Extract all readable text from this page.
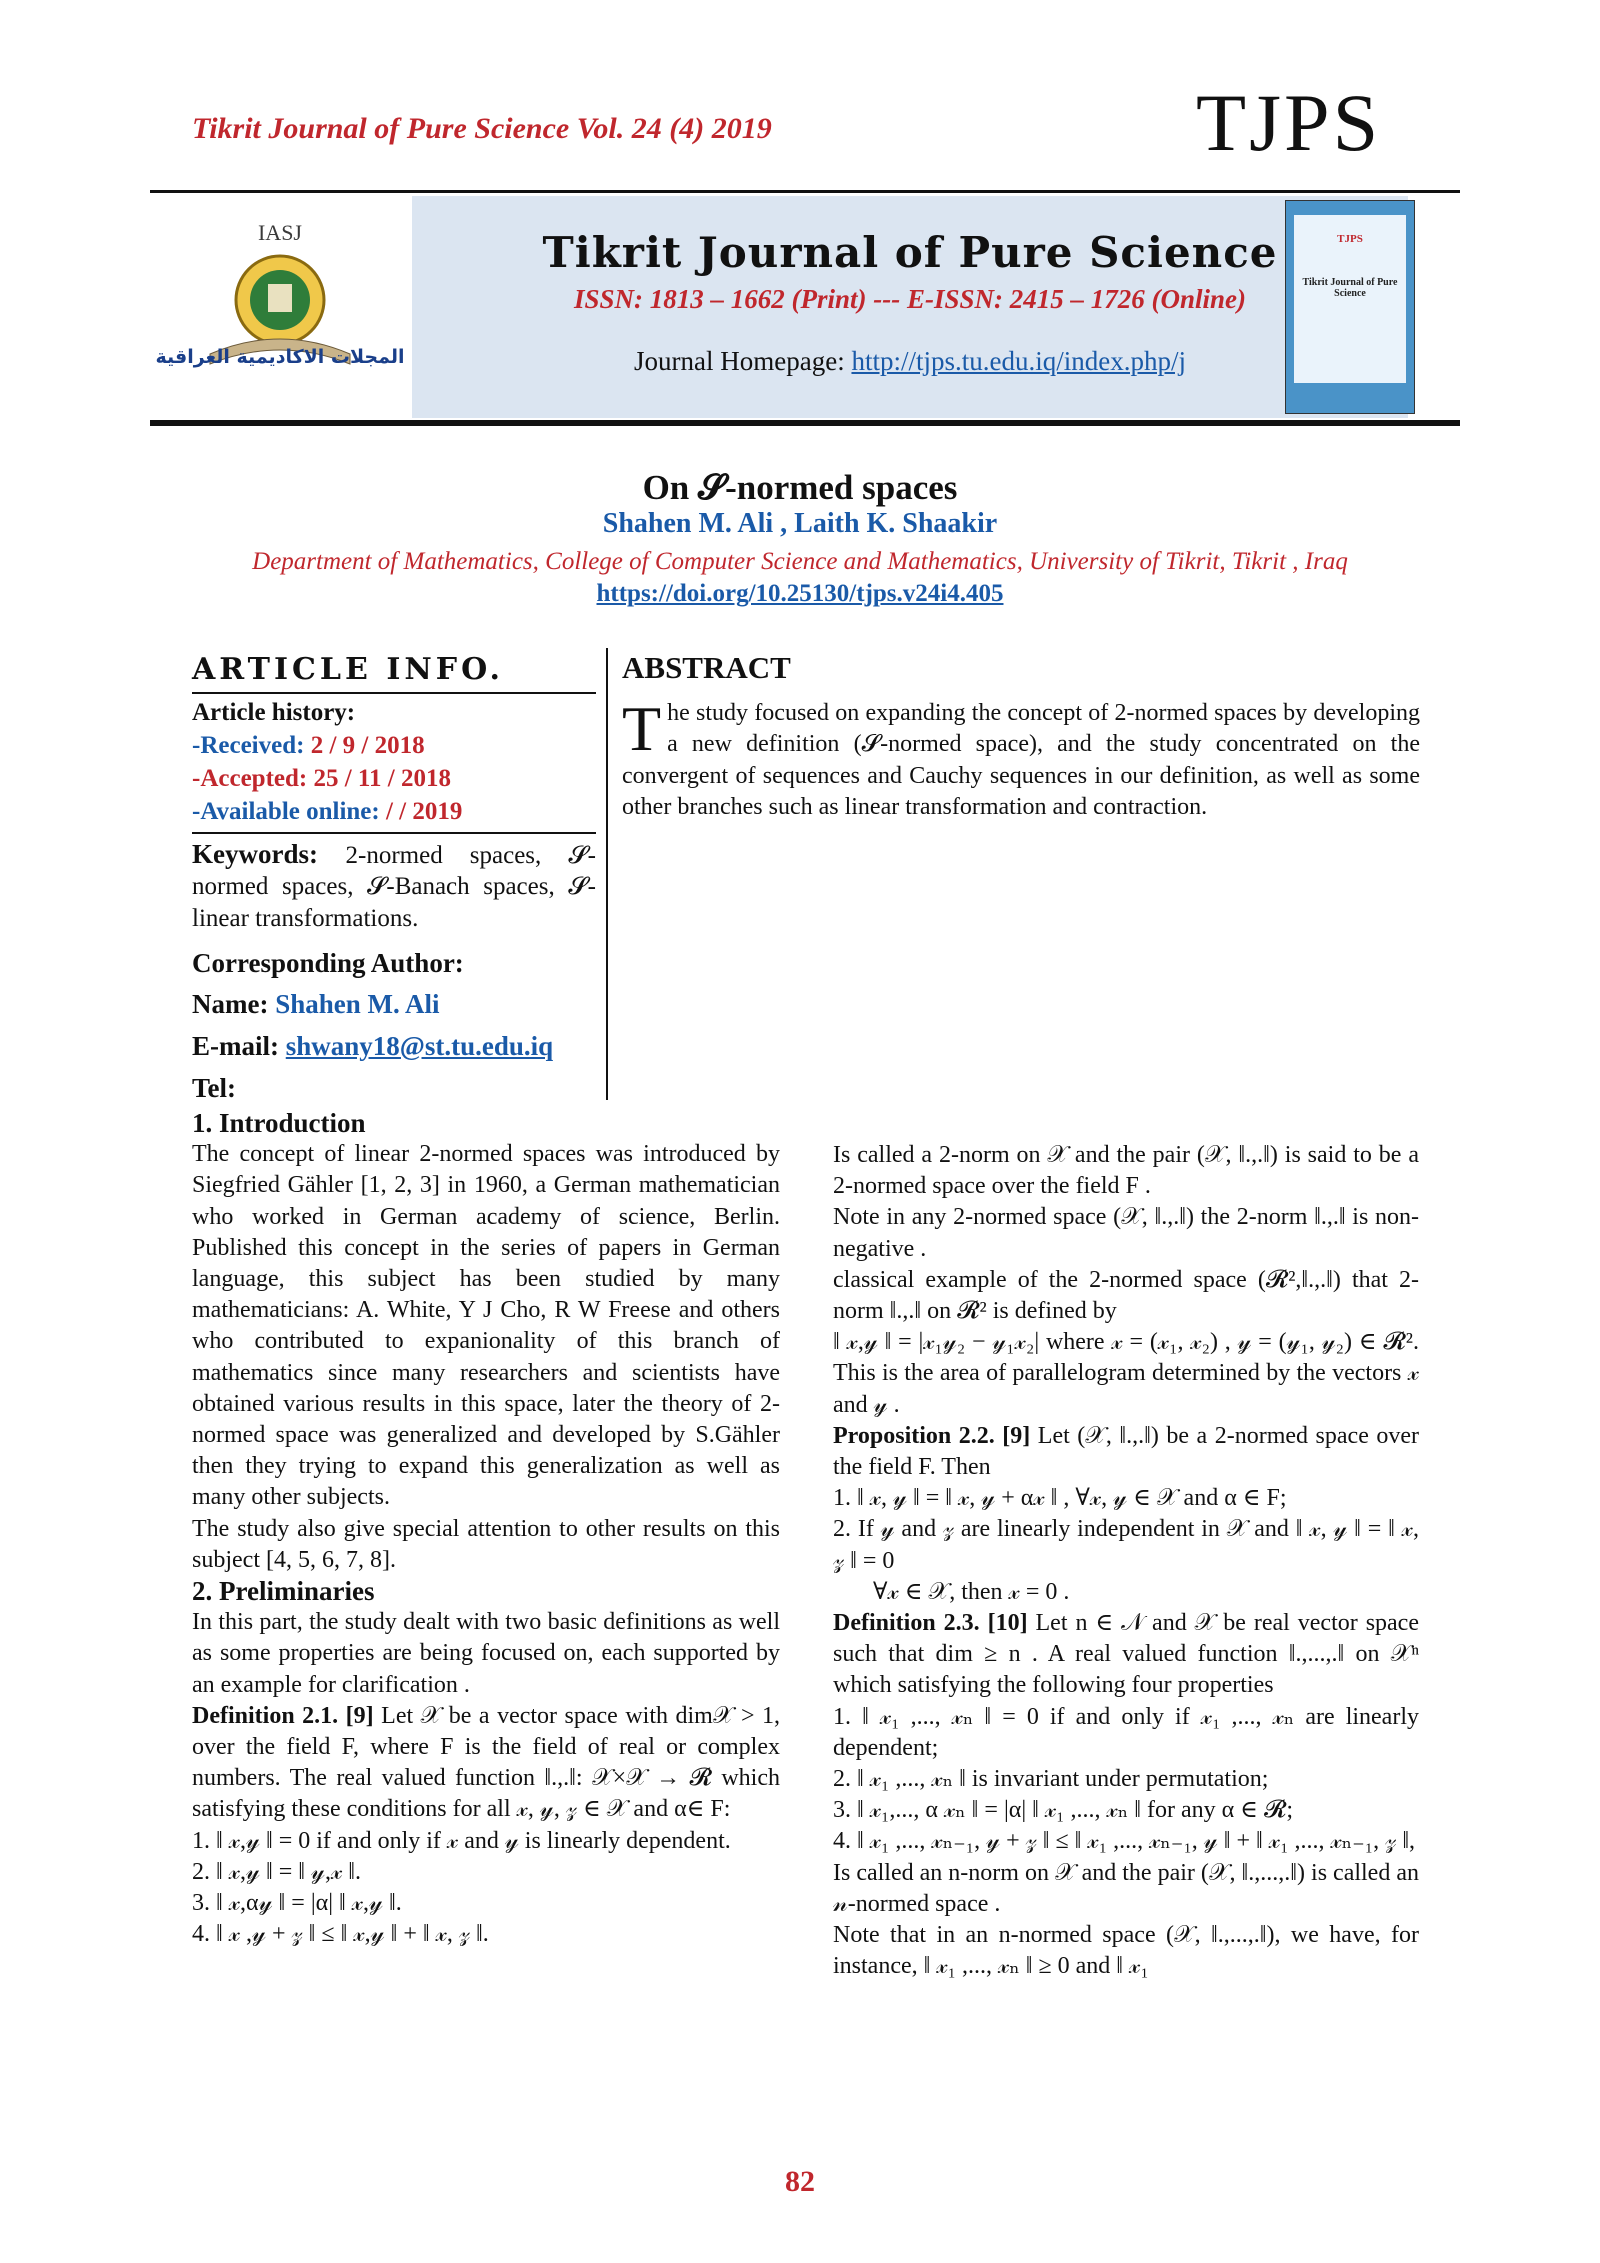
Tikrit Journal of Pure Science Vol. 24 (4) 2019	TJPS
IASJ
المجلات الاكاديمية العراقية
Tikrit Journal of Pure Science
ISSN: 1813 – 1662 (Print) --- E-ISSN: 2415 – 1726 (Online)
Journal Homepage: http://tjps.tu.edu.iq/index.php/j
TJPS
Tikrit Journal of Pure Science
On 𝓢-normed spaces
Shahen M. Ali , Laith K. Shaakir
Department of Mathematics, College of Computer Science and Mathematics, University of Tikrit, Tikrit , Iraq
https://doi.org/10.25130/tjps.v24i4.405
ARTICLE INFO.
Article history:
-Received: 2 / 9 / 2018
-Accepted: 25 / 11 / 2018
-Available online: / / 2019
Keywords: 2-normed spaces, 𝓢-normed spaces, 𝓢-Banach spaces, 𝓢-linear transformations.
Corresponding Author:
Name: Shahen M. Ali
E-mail: shwany18@st.tu.edu.iq
Tel:
ABSTRACT
T he study focused on expanding the concept of 2-normed spaces by developing a new definition (𝓢-normed space), and the study concentrated on the convergent of sequences and Cauchy sequences in our definition, as well as some other branches such as linear transformation and contraction.

1. Introduction

The concept of linear 2-normed spaces was introduced by Siegfried Gähler [1, 2, 3] in 1960, a German mathematician who worked in German academy of science, Berlin. Published this concept in the series of papers in German language, this subject has been studied by many mathematicians: A. White, Y J Cho, R W Freese and others who contributed to expanionality of this branch of mathematics since many researchers and scientists have obtained various results in this space, later the theory of 2-normed space was generalized and developed by S.Gähler then they trying to expand this generalization as well as many other subjects.

The study also give special attention to other results on this subject [4, 5, 6, 7, 8].

2. Preliminaries

In this part, the study dealt with two basic definitions as well as some properties are being focused on, each supported by an example for clarification .

Definition 2.1. [9] Let 𝒳 be a vector space with dim𝒳 > 1, over the field F, where F is the field of real or complex numbers. The real valued function ‖.,.‖: 𝒳×𝒳 → 𝓡 which satisfying these conditions for all 𝓍, 𝓎, 𝓏 ∈ 𝒳 and α∈ F:

1. ‖ 𝓍,𝓎 ‖ = 0 if and only if 𝓍 and 𝓎 is linearly dependent.

2. ‖ 𝓍,𝓎 ‖ = ‖ 𝓎,𝓍 ‖.

3. ‖ 𝓍,α𝓎 ‖ = |α| ‖ 𝓍,𝓎 ‖.

4. ‖ 𝓍 ,𝓎 + 𝓏 ‖ ≤ ‖ 𝓍,𝓎 ‖ + ‖ 𝓍, 𝓏 ‖.

Is called a 2-norm on 𝒳 and the pair (𝒳, ‖.,.‖) is said to be a 2-normed space over the field F .

Note in any 2-normed space (𝒳, ‖.,.‖) the 2-norm ‖.,.‖ is non-negative .

classical example of the 2-normed space (𝓡²,‖.,.‖) that 2-norm ‖.,.‖ on 𝓡² is defined by

‖ 𝓍,𝓎 ‖ = |𝓍₁𝓎₂ − 𝓎₁𝓍₂| where 𝓍 = (𝓍₁, 𝓍₂) , 𝓎 = (𝓎₁, 𝓎₂) ∈ 𝓡². This is the area of parallelogram determined by the vectors 𝓍 and 𝓎 .

Proposition 2.2. [9] Let (𝒳, ‖.,.‖) be a 2-normed space over the field F. Then

1. ‖ 𝓍, 𝓎 ‖ = ‖ 𝓍, 𝓎 + α𝓍 ‖ , ∀𝓍, 𝓎 ∈ 𝒳 and α ∈ F;

2. If 𝓎 and 𝓏 are linearly independent in 𝒳 and ‖ 𝓍, 𝓎 ‖ = ‖ 𝓍, 𝓏 ‖ = 0

∀𝓍 ∈ 𝒳, then 𝓍 = 0 .

Definition 2.3. [10] Let n ∈ 𝒩 and 𝒳 be real vector space such that dim ≥ n . A real valued function ‖.,...,.‖ on 𝒳ⁿ which satisfying the following four properties

1. ‖ 𝓍₁ ,..., 𝓍ₙ ‖ = 0 if and only if 𝓍₁ ,..., 𝓍ₙ are linearly dependent;

2. ‖ 𝓍₁ ,..., 𝓍ₙ ‖ is invariant under permutation;

3. ‖ 𝓍₁,..., α 𝓍ₙ ‖ = |α| ‖ 𝓍₁ ,..., 𝓍ₙ ‖ for any α ∈ 𝓡;

4. ‖ 𝓍₁ ,..., 𝓍ₙ₋₁, 𝓎 + 𝓏 ‖ ≤ ‖ 𝓍₁ ,..., 𝓍ₙ₋₁, 𝓎 ‖ + ‖ 𝓍₁ ,..., 𝓍ₙ₋₁, 𝓏 ‖,

Is called an n-norm on 𝒳 and the pair (𝒳, ‖.,...,.‖) is called an 𝓃-normed space .

Note that in an n-normed space (𝒳, ‖.,...,.‖), we have, for instance, ‖ 𝓍₁ ,..., 𝓍ₙ ‖ ≥ 0 and ‖ 𝓍₁

82
